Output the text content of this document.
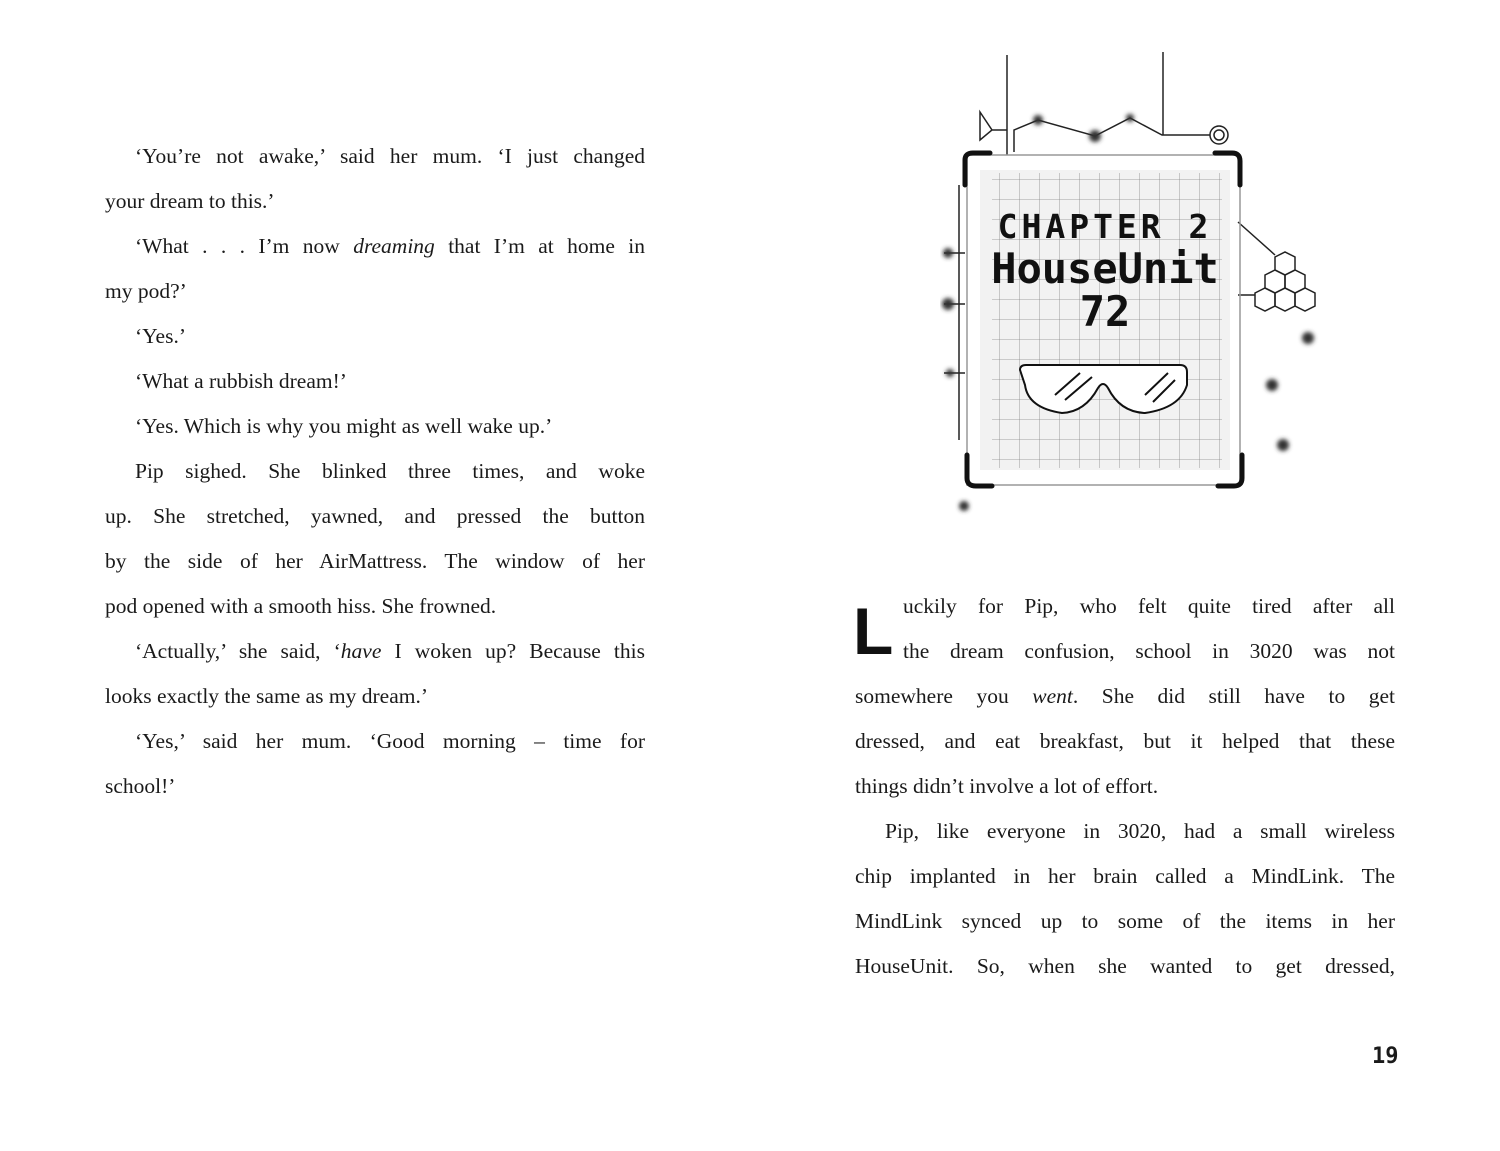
‘You’re not awake,’ said her mum. ‘I just changed
your dream to this.’
‘What . . . I’m now dreaming that I’m at home in
my pod?’
‘Yes.’
‘What a rubbish dream!’
‘Yes. Which is why you might as well wake up.’
Pip sighed. She blinked three times, and woke
up. She stretched, yawned, and pressed the button
by the side of her AirMattress. The window of her
pod opened with a smooth hiss. She frowned.
‘Actually,’ she said, ‘have I woken up? Because this
looks exactly the same as my dream.’
‘Yes,’ said her mum. ‘Good morning – time for
school!’
CHAPTER 2
HouseUnit
72
L
19
uckily for Pip, who felt quite tired after all
the dream confusion, school in 3020 was not
somewhere you went. She did still have to get
dressed, and eat breakfast, but it helped that these
things didn’t involve a lot of effort.
Pip, like everyone in 3020, had a small wireless
chip implanted in her brain called a MindLink. The
MindLink synced up to some of the items in her
HouseUnit. So, when she wanted to get dressed,
